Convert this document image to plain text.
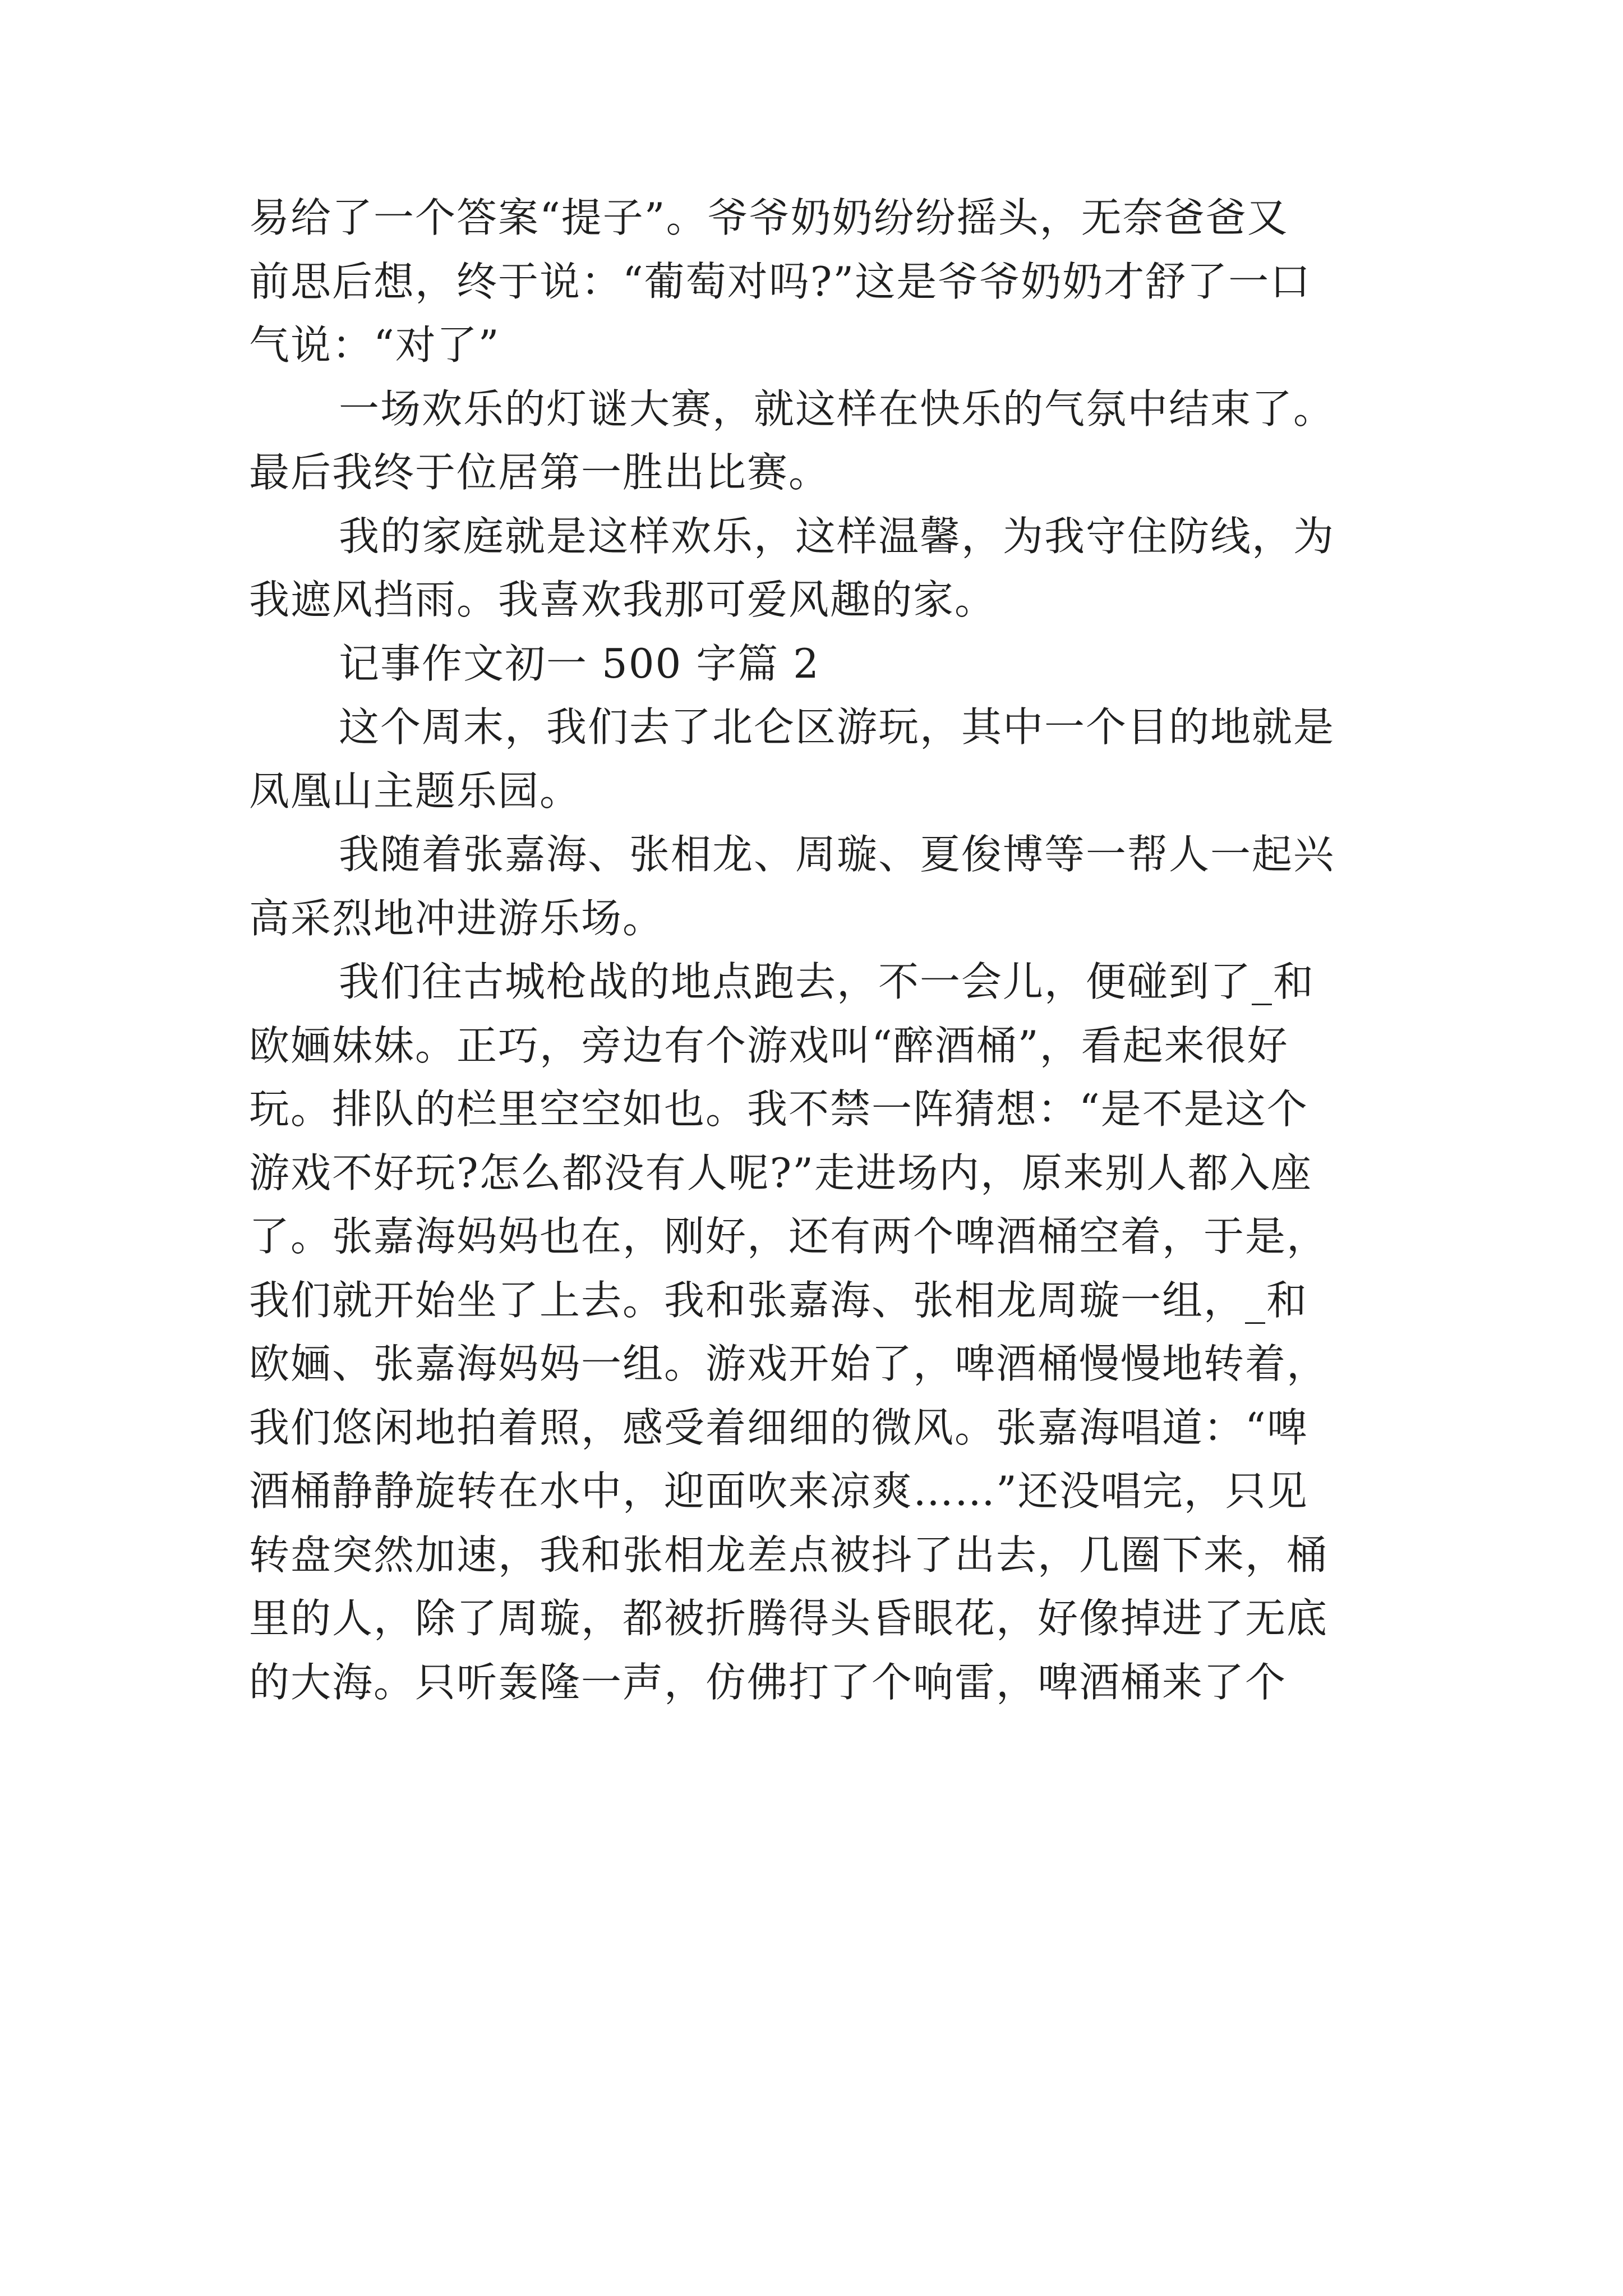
易给了一个答案“提子”。爷爷奶奶纷纷摇头，无奈爸爸又
前思后想，终于说：“葡萄对吗?”这是爷爷奶奶才舒了一口
气说：“对了”
一场欢乐的灯谜大赛，就这样在快乐的气氛中结束了。
最后我终于位居第一胜出比赛。
我的家庭就是这样欢乐，这样温馨，为我守住防线，为
我遮风挡雨。我喜欢我那可爱风趣的家。
记事作文初一 500 字篇 2
这个周末，我们去了北仑区游玩，其中一个目的地就是
凤凰山主题乐园。
我随着张嘉海、张相龙、周璇、夏俊博等一帮人一起兴
高采烈地冲进游乐场。
我们往古城枪战的地点跑去，不一会儿，便碰到了_和
欧婳妹妹。正巧，旁边有个游戏叫“醉酒桶”，看起来很好
玩。排队的栏里空空如也。我不禁一阵猜想：“是不是这个
游戏不好玩?怎么都没有人呢?”走进场内，原来别人都入座
了。张嘉海妈妈也在，刚好，还有两个啤酒桶空着，于是，
我们就开始坐了上去。我和张嘉海、张相龙周璇一组，_和
欧婳、张嘉海妈妈一组。游戏开始了，啤酒桶慢慢地转着，
我们悠闲地拍着照，感受着细细的微风。张嘉海唱道：“啤
酒桶静静旋转在水中，迎面吹来凉爽……”还没唱完，只见
转盘突然加速，我和张相龙差点被抖了出去，几圈下来，桶
里的人，除了周璇，都被折腾得头昏眼花，好像掉进了无底
的大海。只听轰隆一声，仿佛打了个响雷，啤酒桶来了个
